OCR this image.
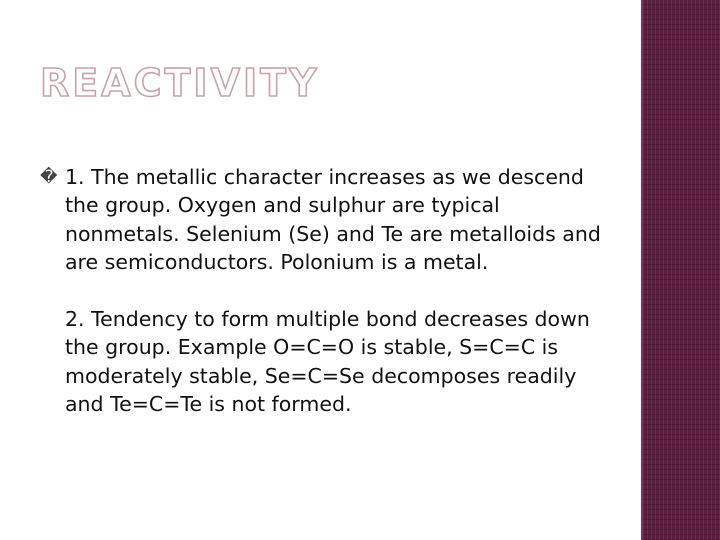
REACTIVITY
� 1. The metallic character increases as we descend the group. Oxygen and sulphur are typical nonmetals. Selenium (Se) and Te are metalloids and are semiconductors. Polonium is a metal.
2. Tendency to form multiple bond decreases down the group. Example O=C=O is stable, S=C=C is moderately stable, Se=C=Se decomposes readily and Te=C=Te is not formed.
